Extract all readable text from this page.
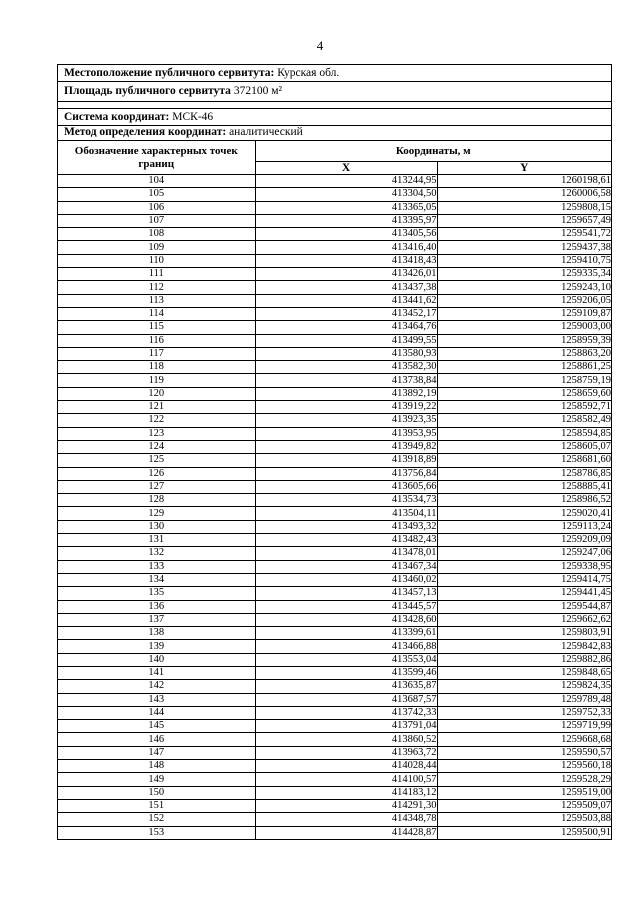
4
Местоположение публичного сервитута: Курская обл.
Площадь публичного сервитута 372100 м²
Система координат: МСК-46
Метод определения координат: аналитический
Обозначение характерных точек границ	Координаты, м	
	X	Y
104	413244,95	1260198,61
105	413304,50	1260006,58
106	413365,05	1259808,15
107	413395,97	1259657,49
108	413405,56	1259541,72
109	413416,40	1259437,38
110	413418,43	1259410,75
111	413426,01	1259335,34
112	413437,38	1259243,10
113	413441,62	1259206,05
114	413452,17	1259109,87
115	413464,76	1259003,00
116	413499,55	1258959,39
117	413580,93	1258863,20
118	413582,30	1258861,25
119	413738,84	1258759,19
120	413892,19	1258659,60
121	413919,22	1258592,71
122	413923,35	1258582,49
123	413953,95	1258594,85
124	413949,82	1258605,07
125	413918,89	1258681,60
126	413756,84	1258786,85
127	413605,66	1258885,41
128	413534,73	1258986,52
129	413504,11	1259020,41
130	413493,32	1259113,24
131	413482,43	1259209,09
132	413478,01	1259247,06
133	413467,34	1259338,95
134	413460,02	1259414,75
135	413457,13	1259441,45
136	413445,57	1259544,87
137	413428,60	1259662,62
138	413399,61	1259803,91
139	413466,88	1259842,83
140	413553,04	1259882,86
141	413599,46	1259848,65
142	413635,87	1259824,35
143	413687,57	1259789,48
144	413742,33	1259752,33
145	413791,04	1259719,99
146	413860,52	1259668,68
147	413963,72	1259590,57
148	414028,44	1259560,18
149	414100,57	1259528,29
150	414183,12	1259519,00
151	414291,30	1259509,07
152	414348,78	1259503,88
153	414428,87	1259500,91
